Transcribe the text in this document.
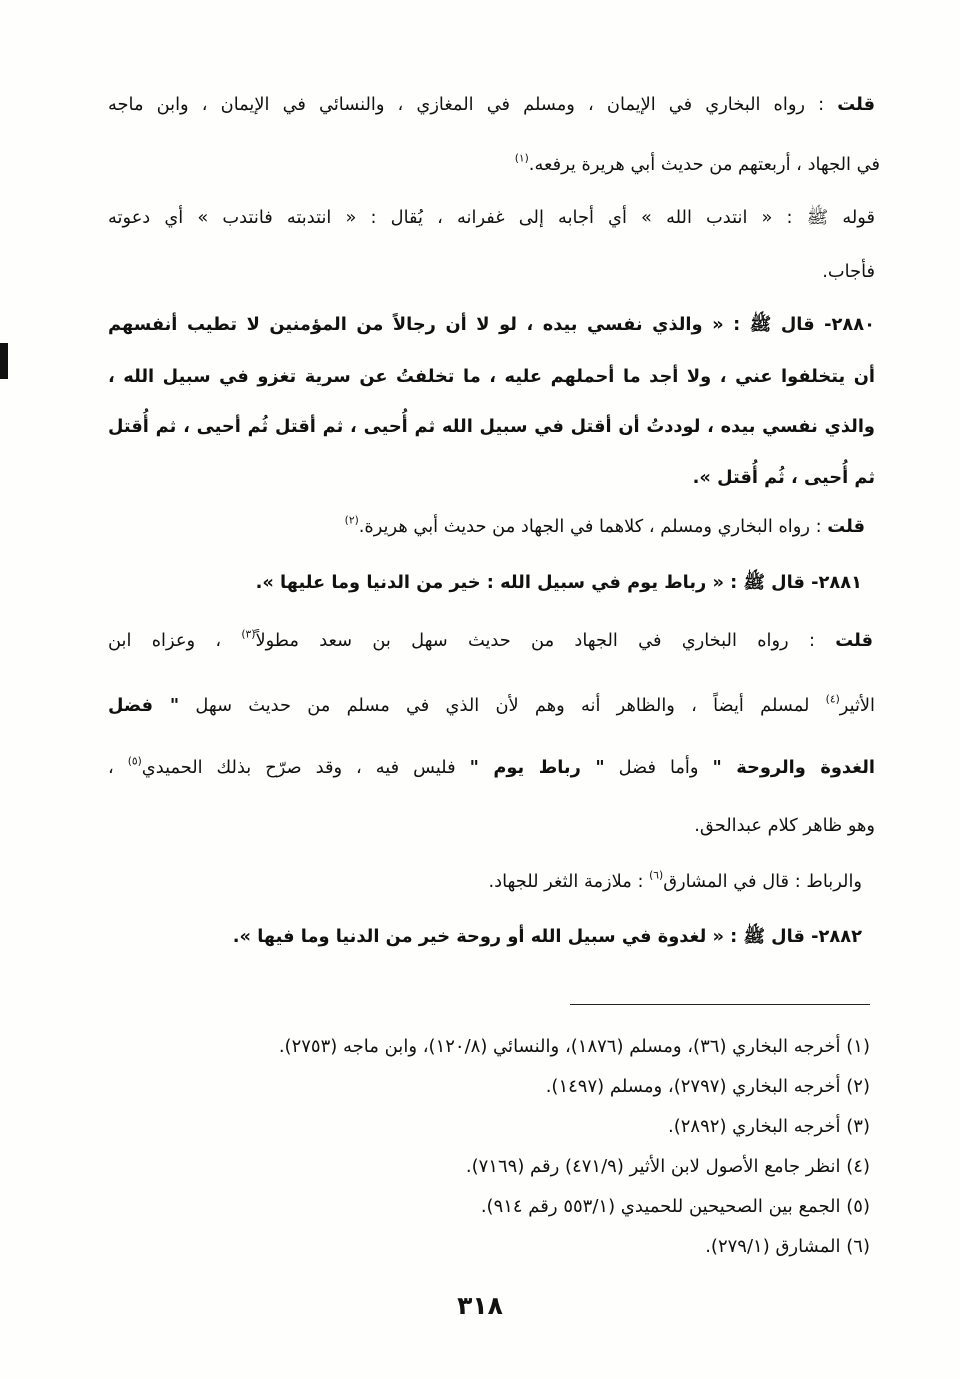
قلت : رواه البخاري في الإيمان ، ومسلم في المغازي ، والنسائي في الإيمان ، وابن ماجه
في الجهاد ، أربعتهم من حديث أبي هريرة يرفعه.$^{(١)}$
قوله ﷺ : « انتدب الله » أي أجابه إلى غفرانه ، يُقال : « انتدبته فانتدب » أي دعوته
فأجاب.
٢٨٨٠- قال ﷺ : « والذي نفسي بيده ، لو لا أن رجالاً من المؤمنين لا تطيب أنفسهم
أن يتخلفوا عني ، ولا أجد ما أحملهم عليه ، ما تخلفتُ عن سرية تغزو في سبيل الله ،
والذي نفسي بيده ، لوددتُ أن أقتل في سبيل الله ثم أُحيى ، ثم أقتل ثُم أحيى ، ثم أُقتل
ثم أُحيى ، ثُم أُقتل ».
قلت : رواه البخاري ومسلم ، كلاهما في الجهاد من حديث أبي هريرة.$^{(٢)}$
٢٨٨١- قال ﷺ : « رباط يوم في سبيل الله : خير من الدنيا وما عليها ».
قلت : رواه البخاري في الجهاد من حديث سهل بن سعد مطولاً$^{(٣)}$ ، وعزاه ابن
الأثير$^{(٤)}$ لمسلم أيضاً ، والظاهر أنه وهم لأن الذي في مسلم من حديث سهل " فضل
الغدوة والروحة " وأما فضل " رباط يوم " فليس فيه ، وقد صرّح بذلك الحميدي$^{(٥)}$ ،
وهو ظاهر كلام عبدالحق.
والرباط : قال في المشارق$^{(٦)}$ : ملازمة الثغر للجهاد.
٢٨٨٢- قال ﷺ : « لغدوة في سبيل الله أو روحة خير من الدنيا وما فيها ».
(١) أخرجه البخاري (٣٦)، ومسلم (١٨٧٦)، والنسائي (١٢٠/٨)، وابن ماجه (٢٧٥٣).
(٢) أخرجه البخاري (٢٧٩٧)، ومسلم (١٤٩٧).
(٣) أخرجه البخاري (٢٨٩٢).
(٤) انظر جامع الأصول لابن الأثير (٤٧١/٩) رقم (٧١٦٩).
(٥) الجمع بين الصحيحين للحميدي (٥٥٣/١ رقم ٩١٤).
(٦) المشارق (٢٧٩/١).
٣١٨
